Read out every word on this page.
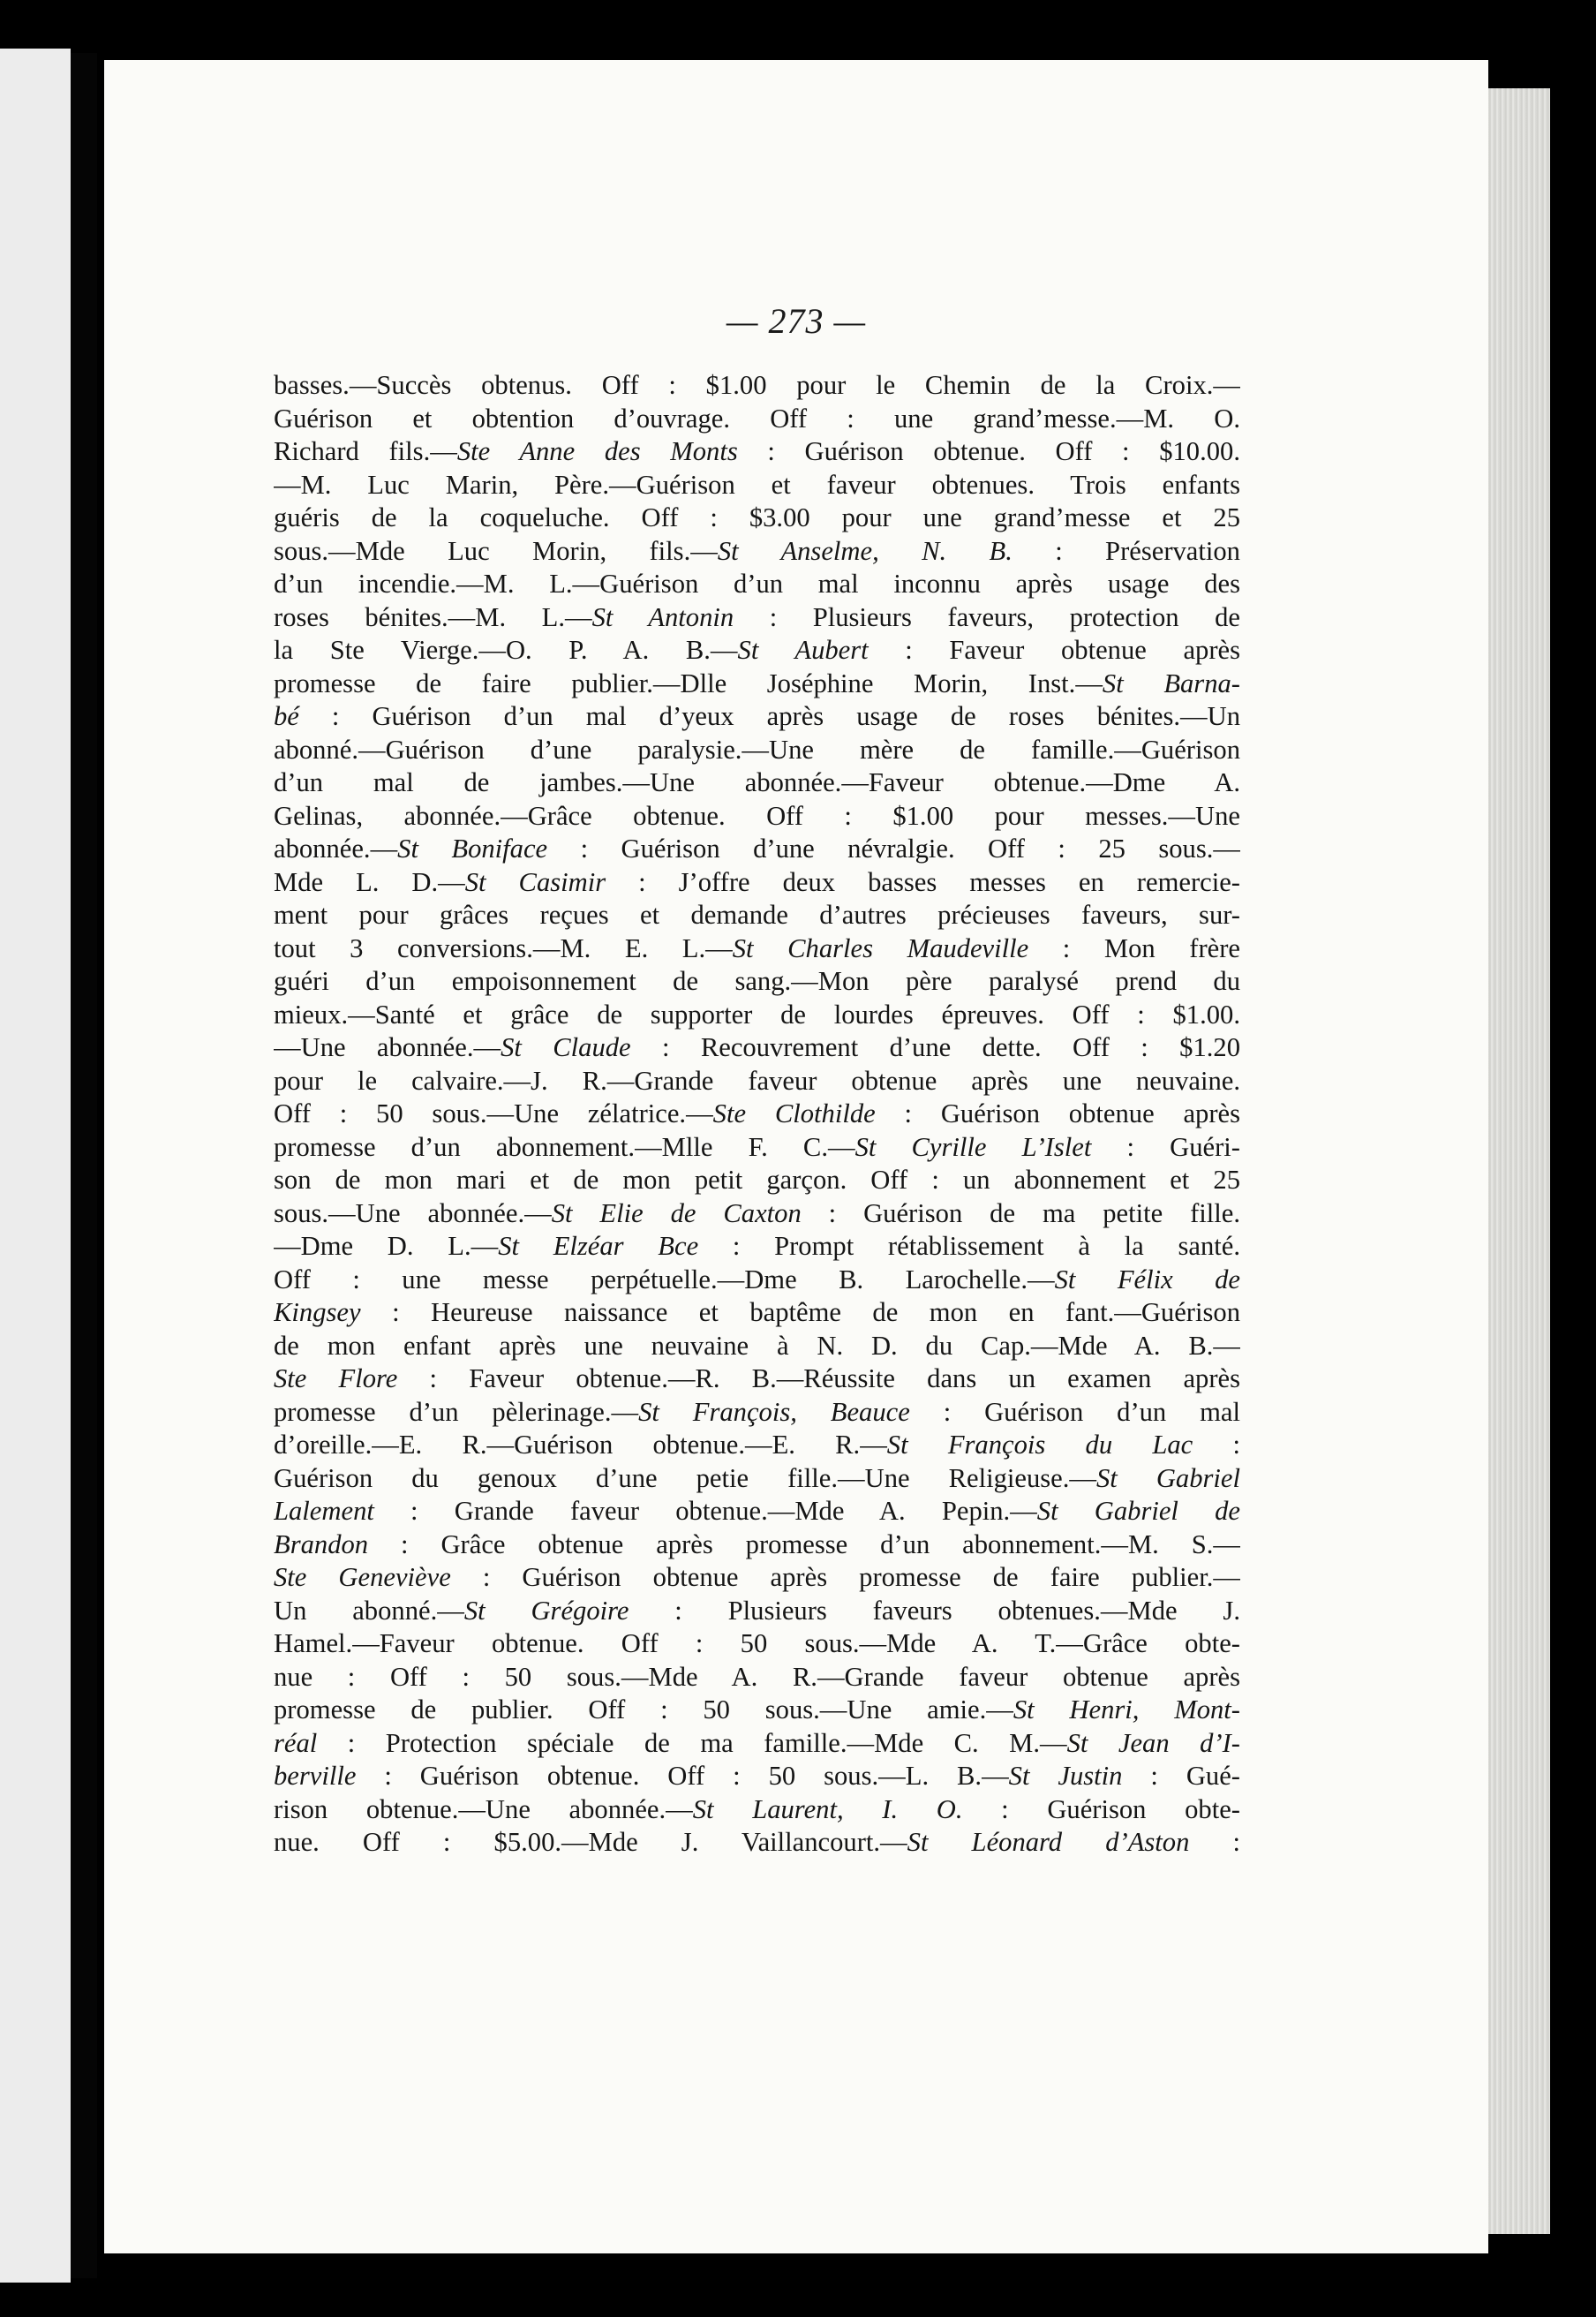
— 273 —
basses.—Succès obtenus. Off : $1.00 pour le Chemin de la Croix.—
Guérison et obtention d’ouvrage. Off : une grand’messe.—M. O.
Richard fils.—Ste Anne des Monts : Guérison obtenue. Off : $10.00.
—M. Luc Marin, Père.—Guérison et faveur obtenues. Trois enfants
guéris de la coqueluche. Off : $3.00 pour une grand’messe et 25
sous.—Mde Luc Morin, fils.—St Anselme, N. B. : Préservation
d’un incendie.—M. L.—Guérison d’un mal inconnu après usage des
roses bénites.—M. L.—St Antonin : Plusieurs faveurs, protection de
la Ste Vierge.—O. P. A. B.—St Aubert : Faveur obtenue après
promesse de faire publier.—Dlle Joséphine Morin, Inst.—St Barna-
bé : Guérison d’un mal d’yeux après usage de roses bénites.—Un
abonné.—Guérison d’une paralysie.—Une mère de famille.—Guérison
d’un mal de jambes.—Une abonnée.—Faveur obtenue.—Dme A.
Gelinas, abonnée.—Grâce obtenue. Off : $1.00 pour messes.—Une
abonnée.—St Boniface : Guérison d’une névralgie. Off : 25 sous.—
Mde L. D.—St Casimir : J’offre deux basses messes en remercie-
ment pour grâces reçues et demande d’autres précieuses faveurs, sur-
tout 3 conversions.—M. E. L.—St Charles Maudeville : Mon frère
guéri d’un empoisonnement de sang.—Mon père paralysé prend du
mieux.—Santé et grâce de supporter de lourdes épreuves. Off : $1.00.
—Une abonnée.—St Claude : Recouvrement d’une dette. Off : $1.20
pour le calvaire.—J. R.—Grande faveur obtenue après une neuvaine.
Off : 50 sous.—Une zélatrice.—Ste Clothilde : Guérison obtenue après
promesse d’un abonnement.—Mlle F. C.—St Cyrille L’Islet : Guéri-
son de mon mari et de mon petit garçon. Off : un abonnement et 25
sous.—Une abonnée.—St Elie de Caxton : Guérison de ma petite fille.
—Dme D. L.—St Elzéar Bce : Prompt rétablissement à la santé.
Off : une messe perpétuelle.—Dme B. Larochelle.—St Félix de
Kingsey : Heureuse naissance et baptême de mon en fant.—Guérison
de mon enfant après une neuvaine à N. D. du Cap.—Mde A. B.—
Ste Flore : Faveur obtenue.—R. B.—Réussite dans un examen après
promesse d’un pèlerinage.—St François, Beauce : Guérison d’un mal
d’oreille.—E. R.—Guérison obtenue.—E. R.—St François du Lac :
Guérison du genoux d’une petie fille.—Une Religieuse.—St Gabriel
Lalement : Grande faveur obtenue.—Mde A. Pepin.—St Gabriel de
Brandon : Grâce obtenue après promesse d’un abonnement.—M. S.—
Ste Geneviève : Guérison obtenue après promesse de faire publier.—
Un abonné.—St Grégoire : Plusieurs faveurs obtenues.—Mde J.
Hamel.—Faveur obtenue. Off : 50 sous.—Mde A. T.—Grâce obte-
nue : Off : 50 sous.—Mde A. R.—Grande faveur obtenue après
promesse de publier. Off : 50 sous.—Une amie.—St Henri, Mont-
réal : Protection spéciale de ma famille.—Mde C. M.—St Jean d’I-
berville : Guérison obtenue. Off : 50 sous.—L. B.—St Justin : Gué-
rison obtenue.—Une abonnée.—St Laurent, I. O. : Guérison obte-
nue. Off : $5.00.—Mde J. Vaillancourt.—St Léonard d’Aston :
